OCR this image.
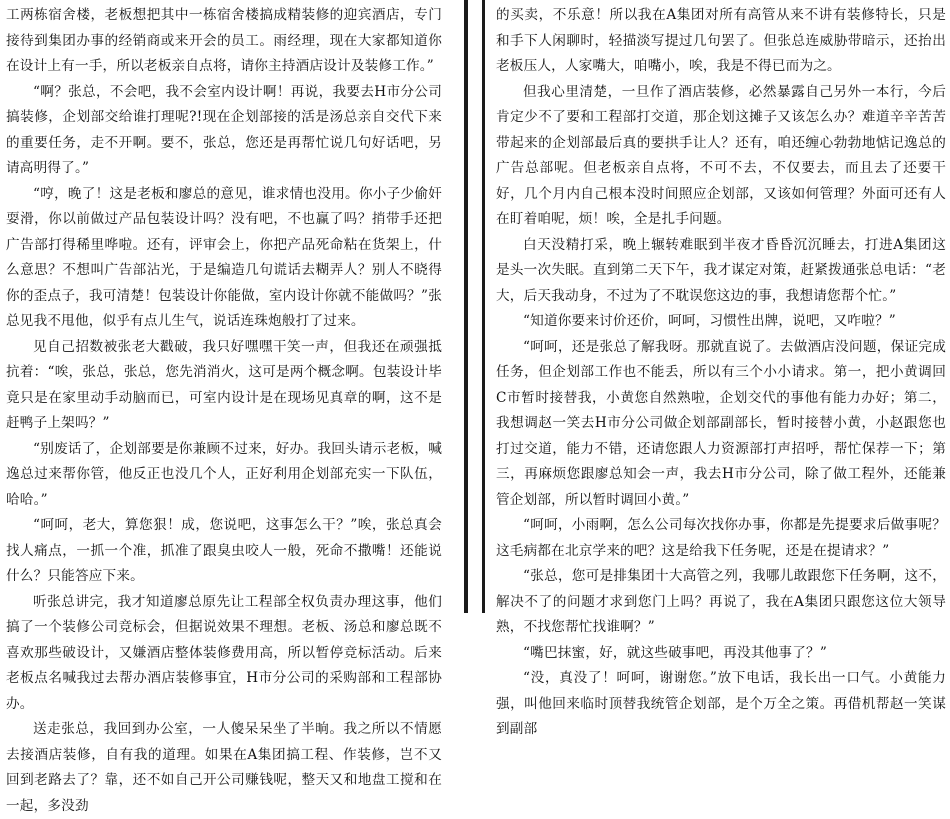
工两栋宿舍楼，老板想把其中一栋宿舍楼搞成精装修的迎宾酒店，专门接待到集团办事的经销商或来开会的员工。雨经理，现在大家都知道你在设计上有一手，所以老板亲自点将，请你主持酒店设计及装修工作。”

“啊？张总，不会吧，我不会室内设计啊！再说，我要去H市分公司搞装修，企划部交给谁打理呢?!现在企划部接的活是汤总亲自交代下来的重要任务，走不开啊。要不，张总，您还是再帮忙说几句好话吧，另请高明得了。”

“哼，晚了！这是老板和廖总的意见，谁求情也没用。你小子少偷奸耍滑，你以前做过产品包装设计吗？没有吧，不也赢了吗？捎带手还把广告部打得稀里哗啦。还有，评审会上，你把产品死命粘在货架上，什么意思？不想叫广告部沾光，于是编造几句谎话去糊弄人？别人不晓得你的歪点子，我可清楚！包装设计你能做，室内设计你就不能做吗？”张总见我不甩他，似乎有点儿生气，说话连珠炮般打了过来。

见自己招数被张老大戳破，我只好嘿嘿干笑一声，但我还在顽强抵抗着：“唉，张总，张总，您先消消火，这可是两个概念啊。包装设计毕竟只是在家里动手动脑而已，可室内设计是在现场见真章的啊，这不是赶鸭子上架吗？”

“别废话了，企划部要是你兼顾不过来，好办。我回头请示老板，喊逸总过来帮你管，他反正也没几个人，正好利用企划部充实一下队伍，哈哈。”

“呵呵，老大，算您狠！成，您说吧，这事怎么干？”唉，张总真会找人痛点，一抓一个准，抓准了跟臭虫咬人一般，死命不撒嘴！还能说什么？只能答应下来。

听张总讲完，我才知道廖总原先让工程部全权负责办理这事，他们搞了一个装修公司竞标会，但据说效果不理想。老板、汤总和廖总既不喜欢那些破设计，又嫌酒店整体装修费用高，所以暂停竞标活动。后来老板点名喊我过去帮办酒店装修事宜，H市分公司的采购部和工程部协办。

送走张总，我回到办公室，一人傻呆呆坐了半晌。我之所以不情愿去接酒店装修，自有我的道理。如果在A集团搞工程、作装修，岂不又回到老路去了？靠，还不如自己开公司赚钱呢，整天又和地盘工搅和在一起，多没劲

的买卖，不乐意！所以我在A集团对所有高管从来不讲有装修特长，只是和手下人闲聊时，轻描淡写提过几句罢了。但张总连威胁带暗示，还抬出老板压人，人家嘴大，咱嘴小，唉，我是不得已而为之。

但我心里清楚，一旦作了酒店装修，必然暴露自己另外一本行，今后肯定少不了要和工程部打交道，那企划这摊子又该怎么办？难道辛辛苦苦带起来的企划部最后真的要拱手让人？还有，咱还缠心勃勃地惦记逸总的广告总部呢。但老板亲自点将，不可不去，不仅要去，而且去了还要干好，几个月内自己根本没时间照应企划部，又该如何管理？外面可还有人在盯着咱呢，烦！唉，全是扎手问题。

白天没精打采，晚上辗转难眠到半夜才昏昏沉沉睡去，打进A集团这是头一次失眠。直到第二天下午，我才谋定对策，赶紧拨通张总电话：“老大，后天我动身，不过为了不耽误您这边的事，我想请您帮个忙。”

“知道你要来讨价还价，呵呵，习惯性出牌，说吧，又咋啦？”

“呵呵，还是张总了解我呀。那就直说了。去做酒店没问题，保证完成任务，但企划部工作也不能丢，所以有三个小小请求。第一，把小黄调回C市暂时接替我，小黄您自然熟啦，企划交代的事他有能力办好；第二，我想调赵一笑去H市分公司做企划部副部长，暂时接替小黄，小赵跟您也打过交道，能力不错，还请您跟人力资源部打声招呼，帮忙保荐一下；第三，再麻烦您跟廖总知会一声，我去H市分公司，除了做工程外，还能兼管企划部，所以暂时调回小黄。”

“呵呵，小雨啊，怎么公司每次找你办事，你都是先提要求后做事呢？这毛病都在北京学来的吧？这是给我下任务呢，还是在提请求？”

“张总，您可是排集团十大高管之列，我哪儿敢跟您下任务啊，这不，解决不了的问题才求到您门上吗？再说了，我在A集团只跟您这位大领导熟，不找您帮忙找谁啊？”

“嘴巴抹蜜，好，就这些破事吧，再没其他事了？”

“没，真没了！呵呵，谢谢您。”放下电话，我长出一口气。小黄能力强，叫他回来临时顶替我统管企划部，是个万全之策。再借机帮赵一笑谋到副部
